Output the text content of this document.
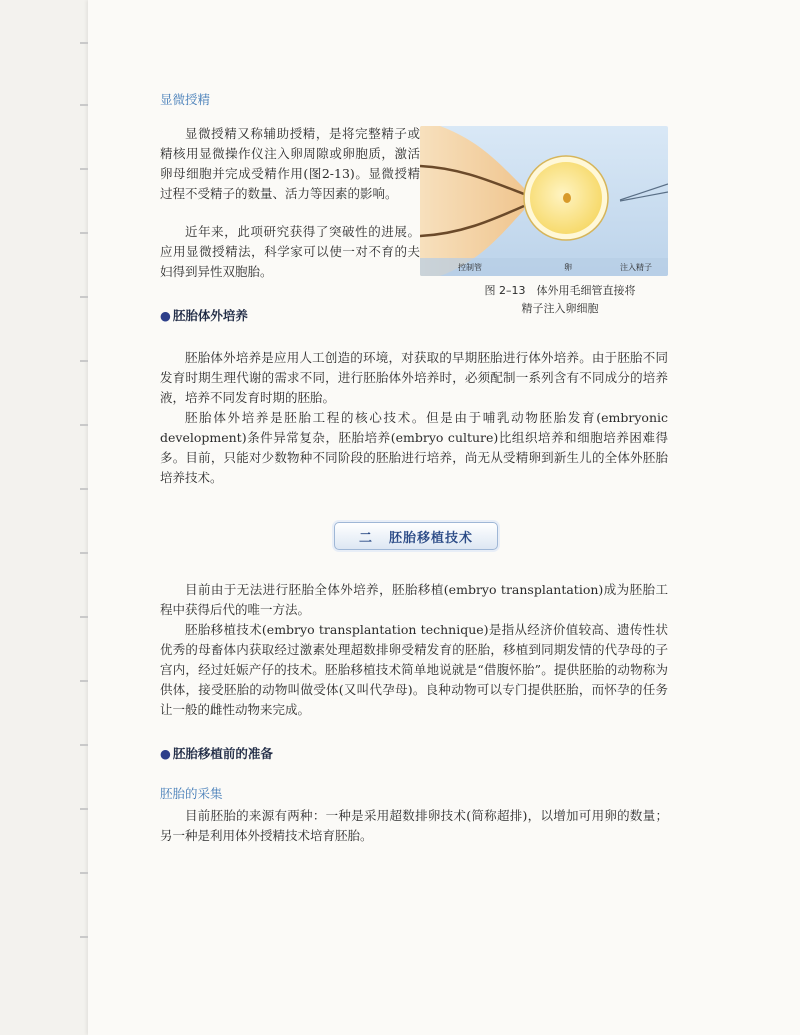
显微授精

显微授精又称辅助授精，是将完整精子或精核用显微操作仪注入卵周隙或卵胞质，激活卵母细胞并完成受精作用(图2-13)。显微授精过程不受精子的数量、活力等因素的影响。

近年来，此项研究获得了突破性的进展。应用显微授精法，科学家可以使一对不育的夫妇得到异性双胞胎。	控制管	卵	注入精子
图 2–13　体外用毛细管直接将
精子注入卵细胞
● 胚胎体外培养

胚胎体外培养是应用人工创造的环境，对获取的早期胚胎进行体外培养。由于胚胎不同发育时期生理代谢的需求不同，进行胚胎体外培养时，必须配制一系列含有不同成分的培养液，培养不同发育时期的胚胎。

胚胎体外培养是胚胎工程的核心技术。但是由于哺乳动物胚胎发育(embryonic development)条件异常复杂，胚胎培养(embryo culture)比组织培养和细胞培养困难得多。目前，只能对少数物种不同阶段的胚胎进行培养，尚无从受精卵到新生儿的全体外胚胎培养技术。

二 胚胎移植技术

目前由于无法进行胚胎全体外培养，胚胎移植(embryo transplantation)成为胚胎工程中获得后代的唯一方法。

胚胎移植技术(embryo transplantation technique)是指从经济价值较高、遗传性状优秀的母畜体内获取经过激素处理超数排卵受精发育的胚胎，移植到同期发情的代孕母的子宫内，经过妊娠产仔的技术。胚胎移植技术简单地说就是“借腹怀胎”。提供胚胎的动物称为供体，接受胚胎的动物叫做受体(又叫代孕母)。良种动物可以专门提供胚胎，而怀孕的任务让一般的雌性动物来完成。

● 胚胎移植前的准备
胚胎的采集

目前胚胎的来源有两种：一种是采用超数排卵技术(简称超排)，以增加可用卵的数量；另一种是利用体外授精技术培育胚胎。
